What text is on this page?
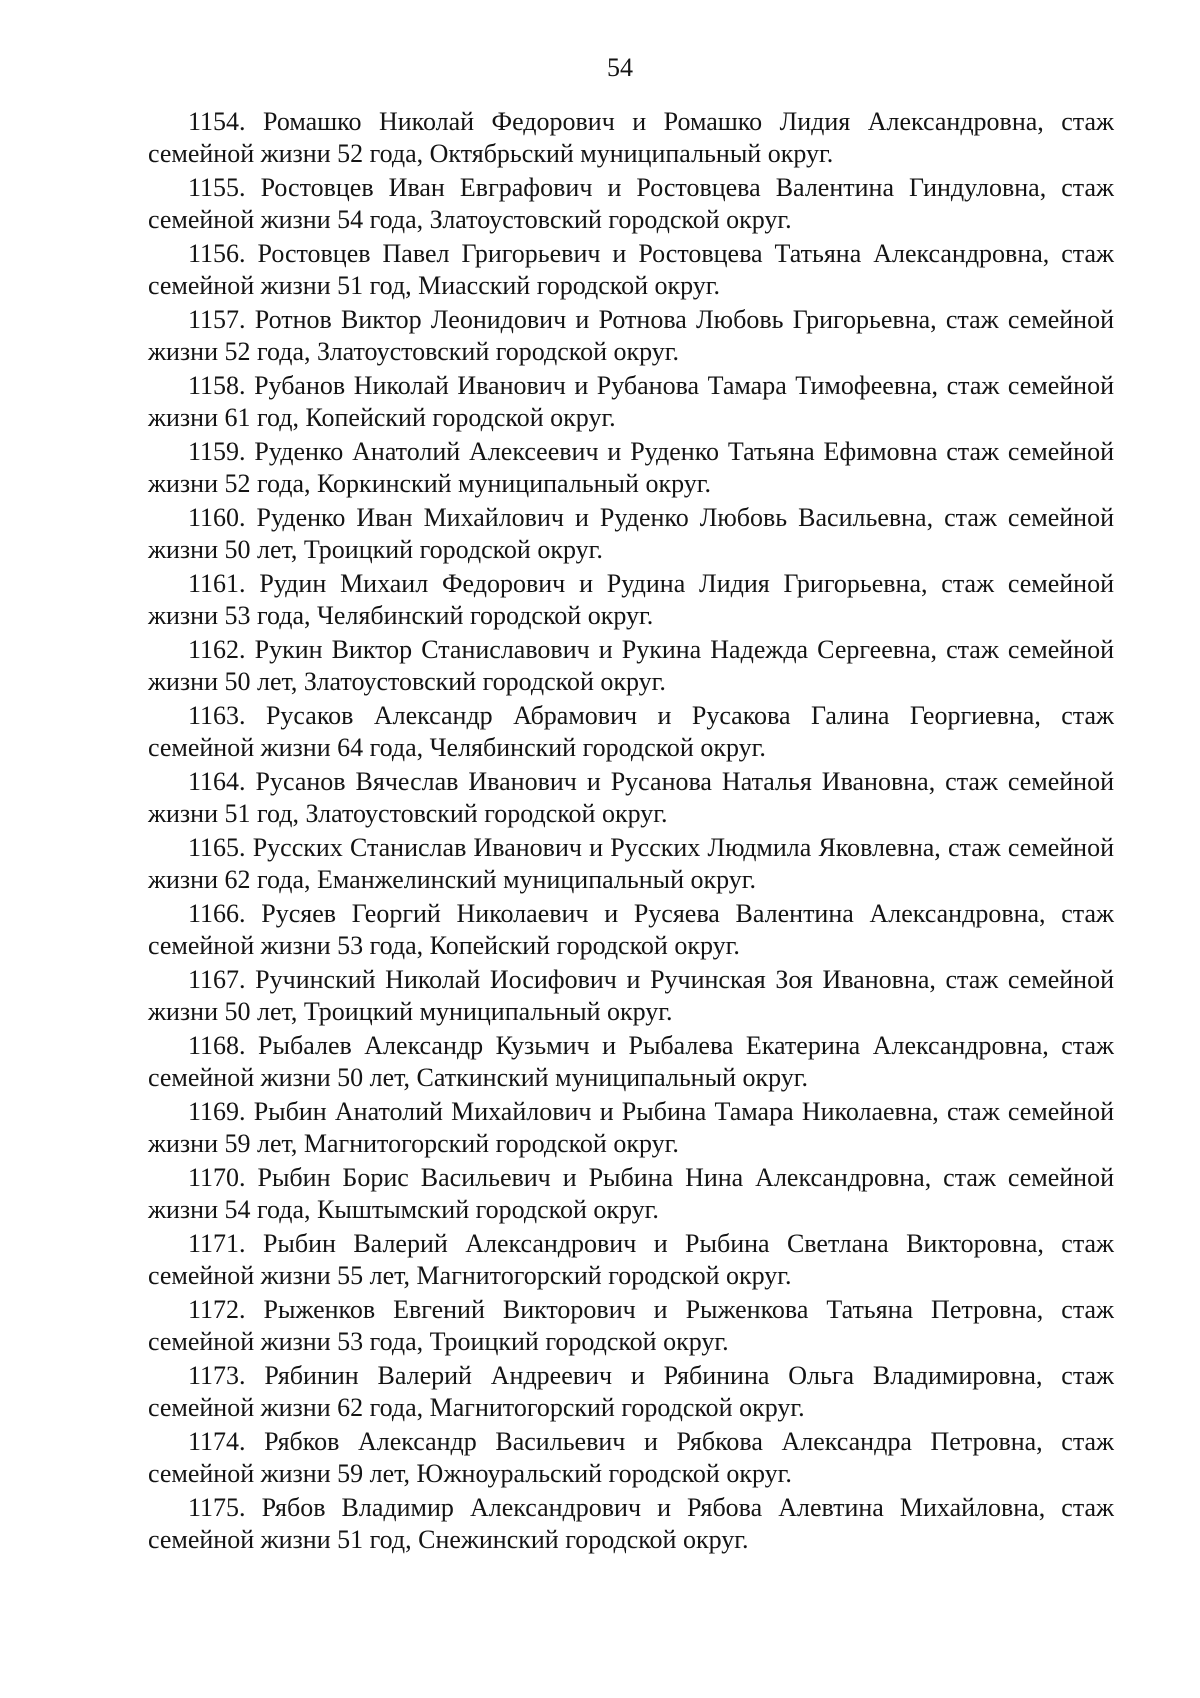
54

1154. Ромашко Николай Федорович и Ромашко Лидия Александровна, стаж семейной жизни 52 года, Октябрьский муниципальный округ.

1155. Ростовцев Иван Евграфович и Ростовцева Валентина Гиндуловна, стаж семейной жизни 54 года, Златоустовский городской округ.

1156. Ростовцев Павел Григорьевич и Ростовцева Татьяна Александровна, стаж семейной жизни 51 год, Миасский городской округ.

1157. Ротнов Виктор Леонидович и Ротнова Любовь Григорьевна, стаж семейной жизни 52 года, Златоустовский городской округ.

1158. Рубанов Николай Иванович и Рубанова Тамара Тимофеевна, стаж семейной жизни 61 год, Копейский городской округ.

1159. Руденко Анатолий Алексеевич и Руденко Татьяна Ефимовна стаж семейной жизни 52 года, Коркинский муниципальный округ.

1160. Руденко Иван Михайлович и Руденко Любовь Васильевна, стаж семейной жизни 50 лет, Троицкий городской округ.

1161. Рудин Михаил Федорович и Рудина Лидия Григорьевна, стаж семейной жизни 53 года, Челябинский городской округ.

1162. Рукин Виктор Станиславович и Рукина Надежда Сергеевна, стаж семейной жизни 50 лет, Златоустовский городской округ.

1163. Русаков Александр Абрамович и Русакова Галина Георгиевна, стаж семейной жизни 64 года, Челябинский городской округ.

1164. Русанов Вячеслав Иванович и Русанова Наталья Ивановна, стаж семейной жизни 51 год, Златоустовский городской округ.

1165. Русских Станислав Иванович и Русских Людмила Яковлевна, стаж семейной жизни 62 года, Еманжелинский муниципальный округ.

1166. Русяев Георгий Николаевич и Русяева Валентина Александровна, стаж семейной жизни 53 года, Копейский городской округ.

1167. Ручинский Николай Иосифович и Ручинская Зоя Ивановна, стаж семейной жизни 50 лет, Троицкий муниципальный округ.

1168. Рыбалев Александр Кузьмич и Рыбалева Екатерина Александровна, стаж семейной жизни 50 лет, Саткинский муниципальный округ.

1169. Рыбин Анатолий Михайлович и Рыбина Тамара Николаевна, стаж семейной жизни 59 лет, Магнитогорский городской округ.

1170. Рыбин Борис Васильевич и Рыбина Нина Александровна, стаж семейной жизни 54 года, Кыштымский городской округ.

1171. Рыбин Валерий Александрович и Рыбина Светлана Викторовна, стаж семейной жизни 55 лет, Магнитогорский городской округ.

1172. Рыженков Евгений Викторович и Рыженкова Татьяна Петровна, стаж семейной жизни 53 года, Троицкий городской округ.

1173. Рябинин Валерий Андреевич и Рябинина Ольга Владимировна, стаж семейной жизни 62 года, Магнитогорский городской округ.

1174. Рябков Александр Васильевич и Рябкова Александра Петровна, стаж семейной жизни 59 лет, Южноуральский городской округ.

1175. Рябов Владимир Александрович и Рябова Алевтина Михайловна, стаж семейной жизни 51 год, Снежинский городской округ.
